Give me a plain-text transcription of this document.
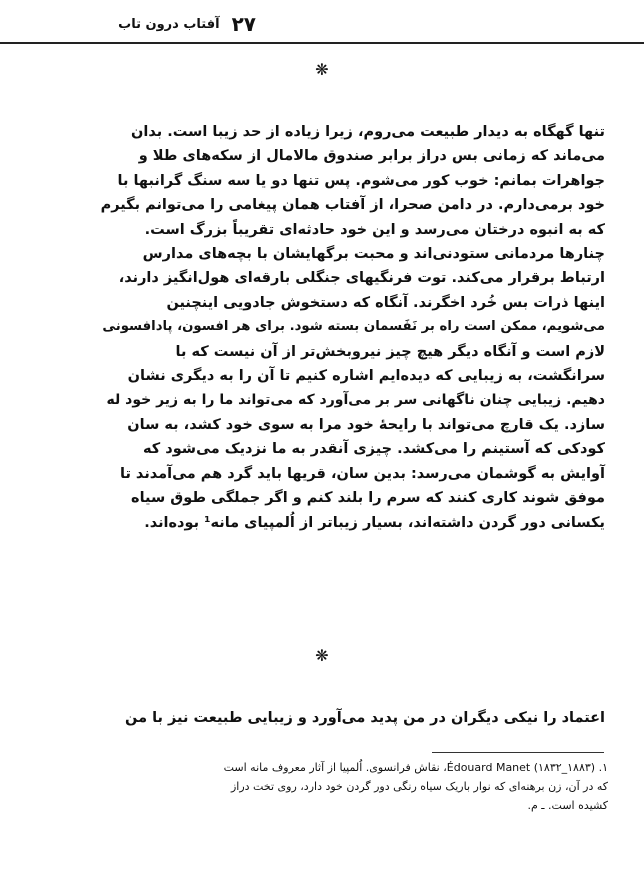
۲۷
آفتاب درون تاب
❋
تنها گهگاه به دیدار طبیعت می‌روم، زیرا زیاده از حد زیبا است. بدان
می‌ماند که زمانی بس دراز برابر صندوق مالامال از سکه‌های طلا و
جواهرات بمانم: خوب کور می‌شوم. پس تنها دو یا سه سنگ گرانبها با
خود برمی‌دارم. در دامن صحرا، از آفتاب همان پیغامی را می‌توانم بگیرم
که به انبوه درختان می‌رسد و این خود حادثه‌ای تقریباً بزرگ است.
چنارها مردمانی ستودنی‌اند و محبت برگهایشان با بچه‌های مدارس
ارتباط برقرار می‌کند. توت فرنگیهای جنگلی بارقه‌ای هول‌انگیز دارند،
اینها ذرات بس خُرد اخگرند. آنگاه که دستخوش جادویی اینچنین
می‌شویم، ممکن است راه بر نَفَسمان بسته شود. برای هر افسون، پادافسونی
لازم است و آنگاه دیگر هیچ چیز نیروبخش‌تر از آن نیست که با
سرانگشت، به زیبایی که دیده‌ایم اشاره کنیم تا آن را به دیگری نشان
دهیم. زیبایی چنان ناگهانی سر بر می‌آورد که می‌تواند ما را به زیر خود له
سازد. یک قارچ می‌تواند با رایحهٔ خود مرا به سوی خود کشد، به سان
کودکی که آستینم را می‌کشد. چیزی آنقدر به ما نزدیک می‌شود که
آوایش به گوشمان می‌رسد: بدین سان، قریها باید گرد هم می‌آمدند تا
موفق شوند کاری کنند که سرم را بلند کنم و اگر جملگی طوق سیاه
یکسانی دور گردن داشته‌اند، بسیار زیباتر از اُلمپیای مانه¹ بوده‌اند.
❋
اعتماد را نیکی دیگران در من پدید می‌آورد و زیبایی طبیعت نیز با من
۱. Édouard Manet (۱۸۳۲_۱۸۸۳)، نقاش فرانسوی. اُلمپیا از آثار معروف مانه است
که در آن، زن برهنه‌ای که نوار باریک سیاه رنگی دور گردن خود دارد، روی تخت دراز
کشیده است. ـ م.
